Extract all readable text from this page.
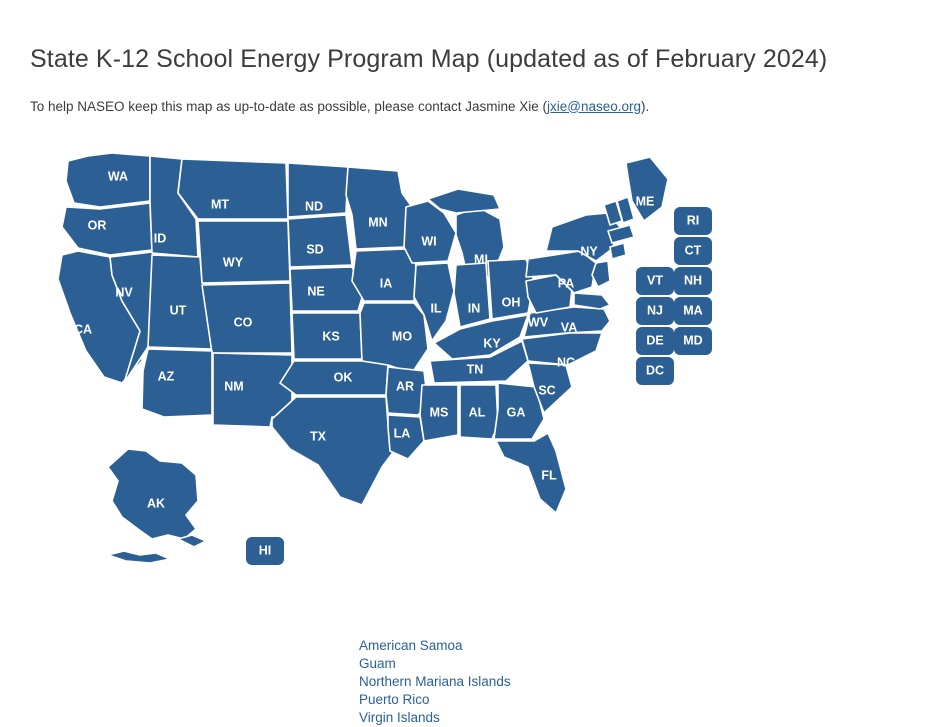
State K-12 School Energy Program Map (updated as of February 2024)

To help NASEO keep this map as up-to-date as possible, please contact Jasmine Xie (jxie@naseo.org).

WA
OR
ID
MT	ND
MN
WI
ME
SD
WY	MI
IA
NE
NV
NY
UT
CO
IL IN OH
PA
CA	KS	MO	KY
WV VA
AZ
NM
OK
AR
TN	NC
SC
MS AL GA
LA
TX
FL
AK
HI
RI
CT
VT NH
NJ MA
DE MD
DC
American Samoa
Guam
Northern Mariana Islands
Puerto Rico
Virgin Islands
